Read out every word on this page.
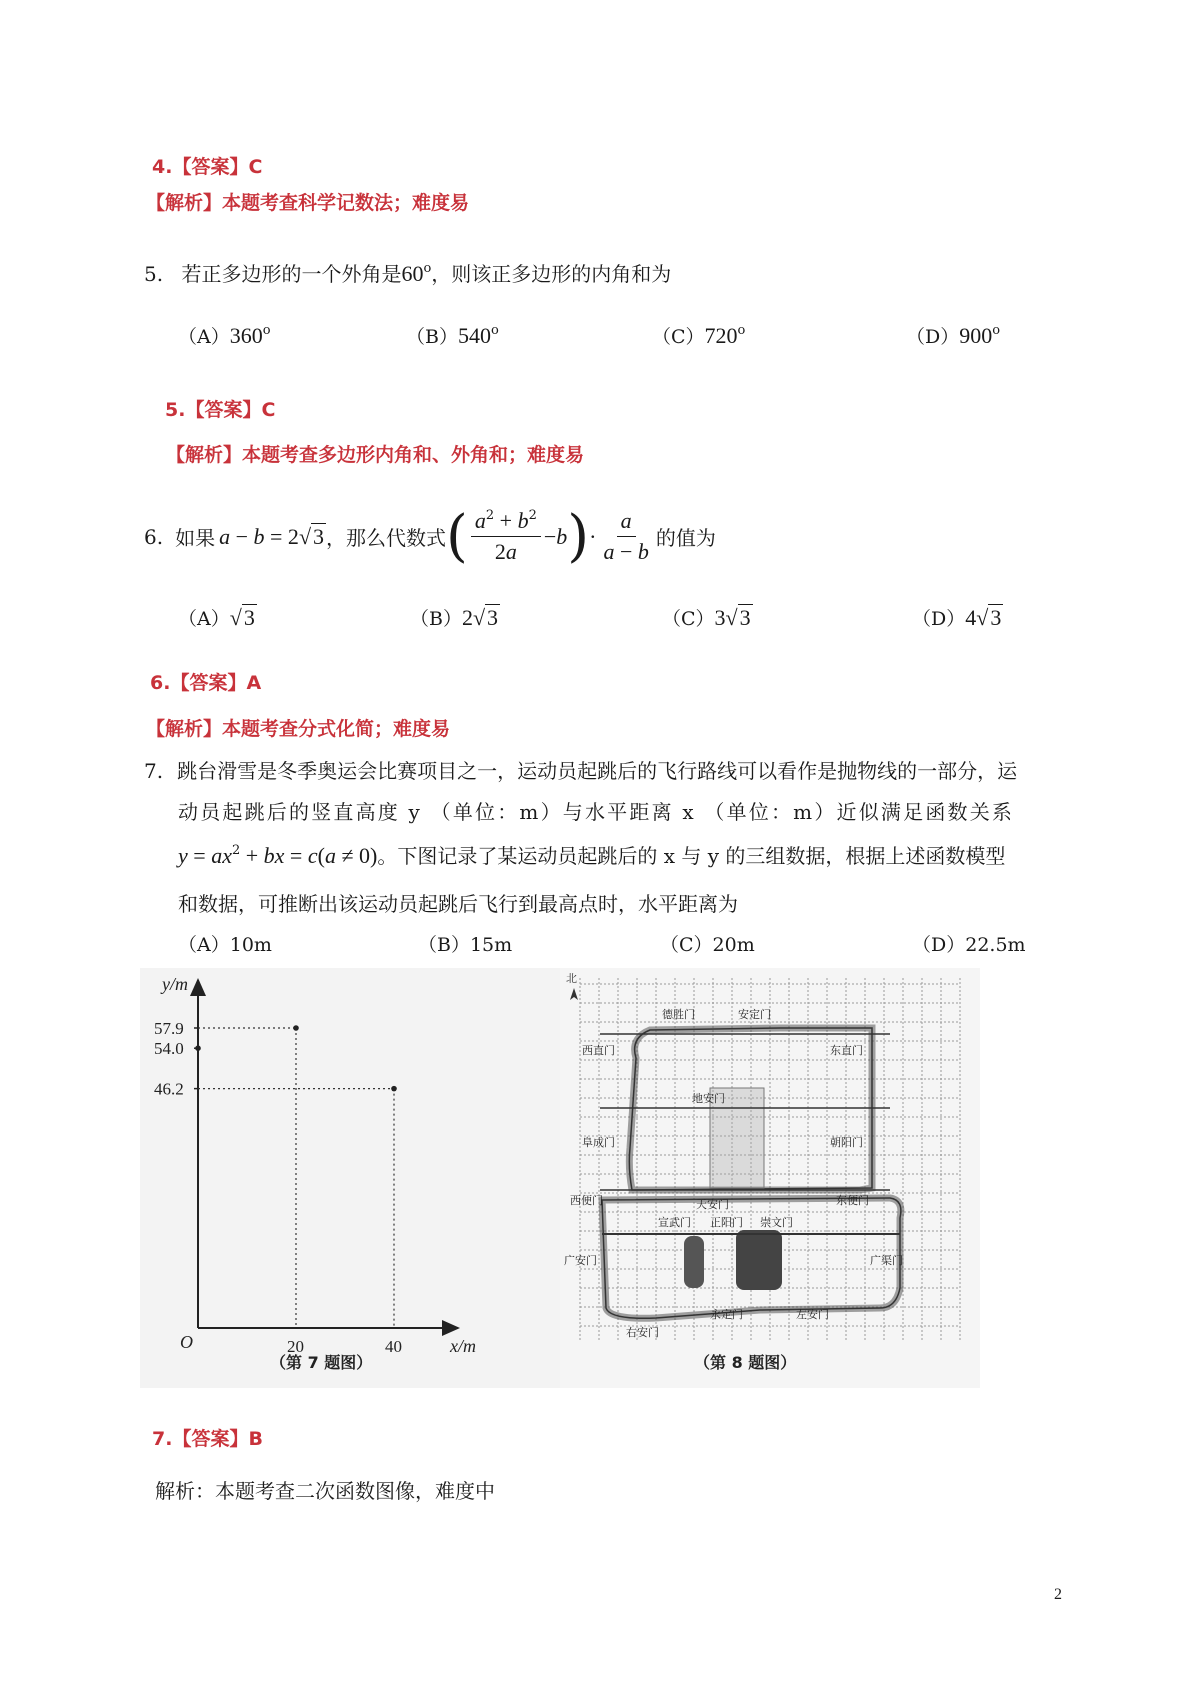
4.【答案】C
【解析】本题考查科学记数法；难度易
5. 若正多边形的一个外角是60$^o$，则该正多边形的内角和为
（A）360$^o$	（B）540$^o$	（C）720$^o$	（D）900$^o$
5.【答案】C
【解析】本题考查多边形内角和、外角和；难度易
6. 如果 a − b = 2 √ 3 ，那么代数式 ( $\frac{a^2 + b^2}{2a} - b$ ) · $\frac{a}{a - b}$ 的值为
（A）√3	（B）2√3	（C）3√3	（D）4√3
6.【答案】A
【解析】本题考查分式化简；难度易
7. 跳台滑雪是冬季奥运会比赛项目之一，运动员起跳后的飞行路线可以看作是抛物线的一部分，运
动员起跳后的竖直高度 y （单位：m）与水平距离 x （单位：m）近似满足函数关系
$y = ax^2$ + bx = c(a ≠ 0)。下图记录了某运动员起跳后的 x 与 y 的三组数据，根据上述函数模型
和数据，可推断出该运动员起跳后飞行到最高点时，水平距离为
（A）10m	（B）15m	（C）20m	（D）22.5m
y/m
x/m
O
57.9
54.0
46.2
20	40
（第 7 题图）
北
德胜门	安定门
西直门	东直门
地安门
阜成门	朝阳门
西便门	天安门	东便门
宣武门 正阳门 崇文门
广安门	广渠门
永定门
右安门
左安门
（第 8 题图）
7.【答案】B
解析：本题考查二次函数图像，难度中
2
